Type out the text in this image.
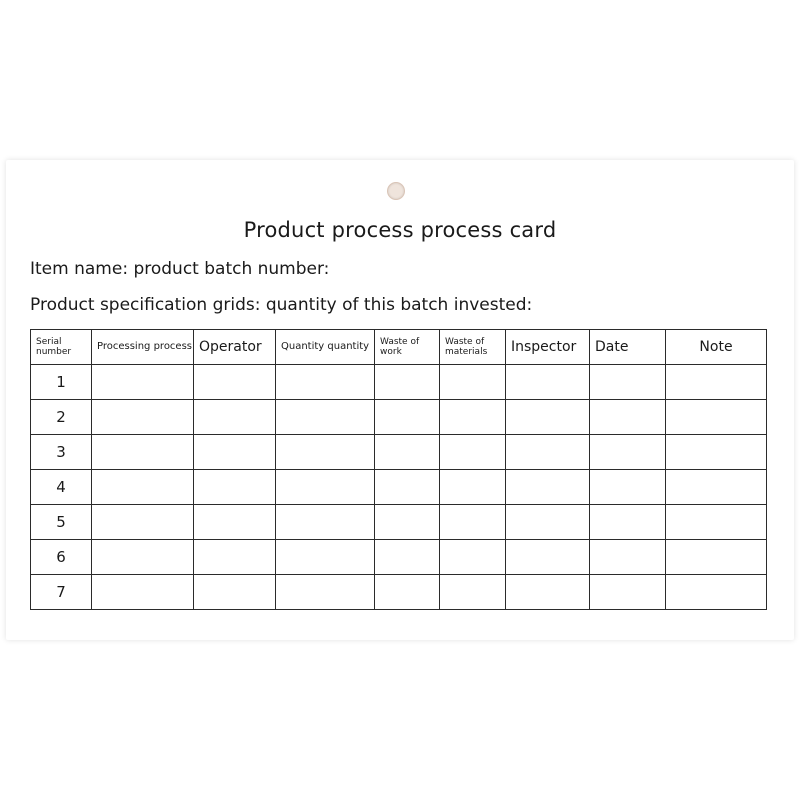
Product process process card
Item name: product batch number:
Product specification grids: quantity of this batch invested:
Serial number	Processing process	Operator	Quantity quantity	Waste of work	Waste of materials	Inspector	Date	Note
1								
2								
3								
4								
5								
6								
7								
